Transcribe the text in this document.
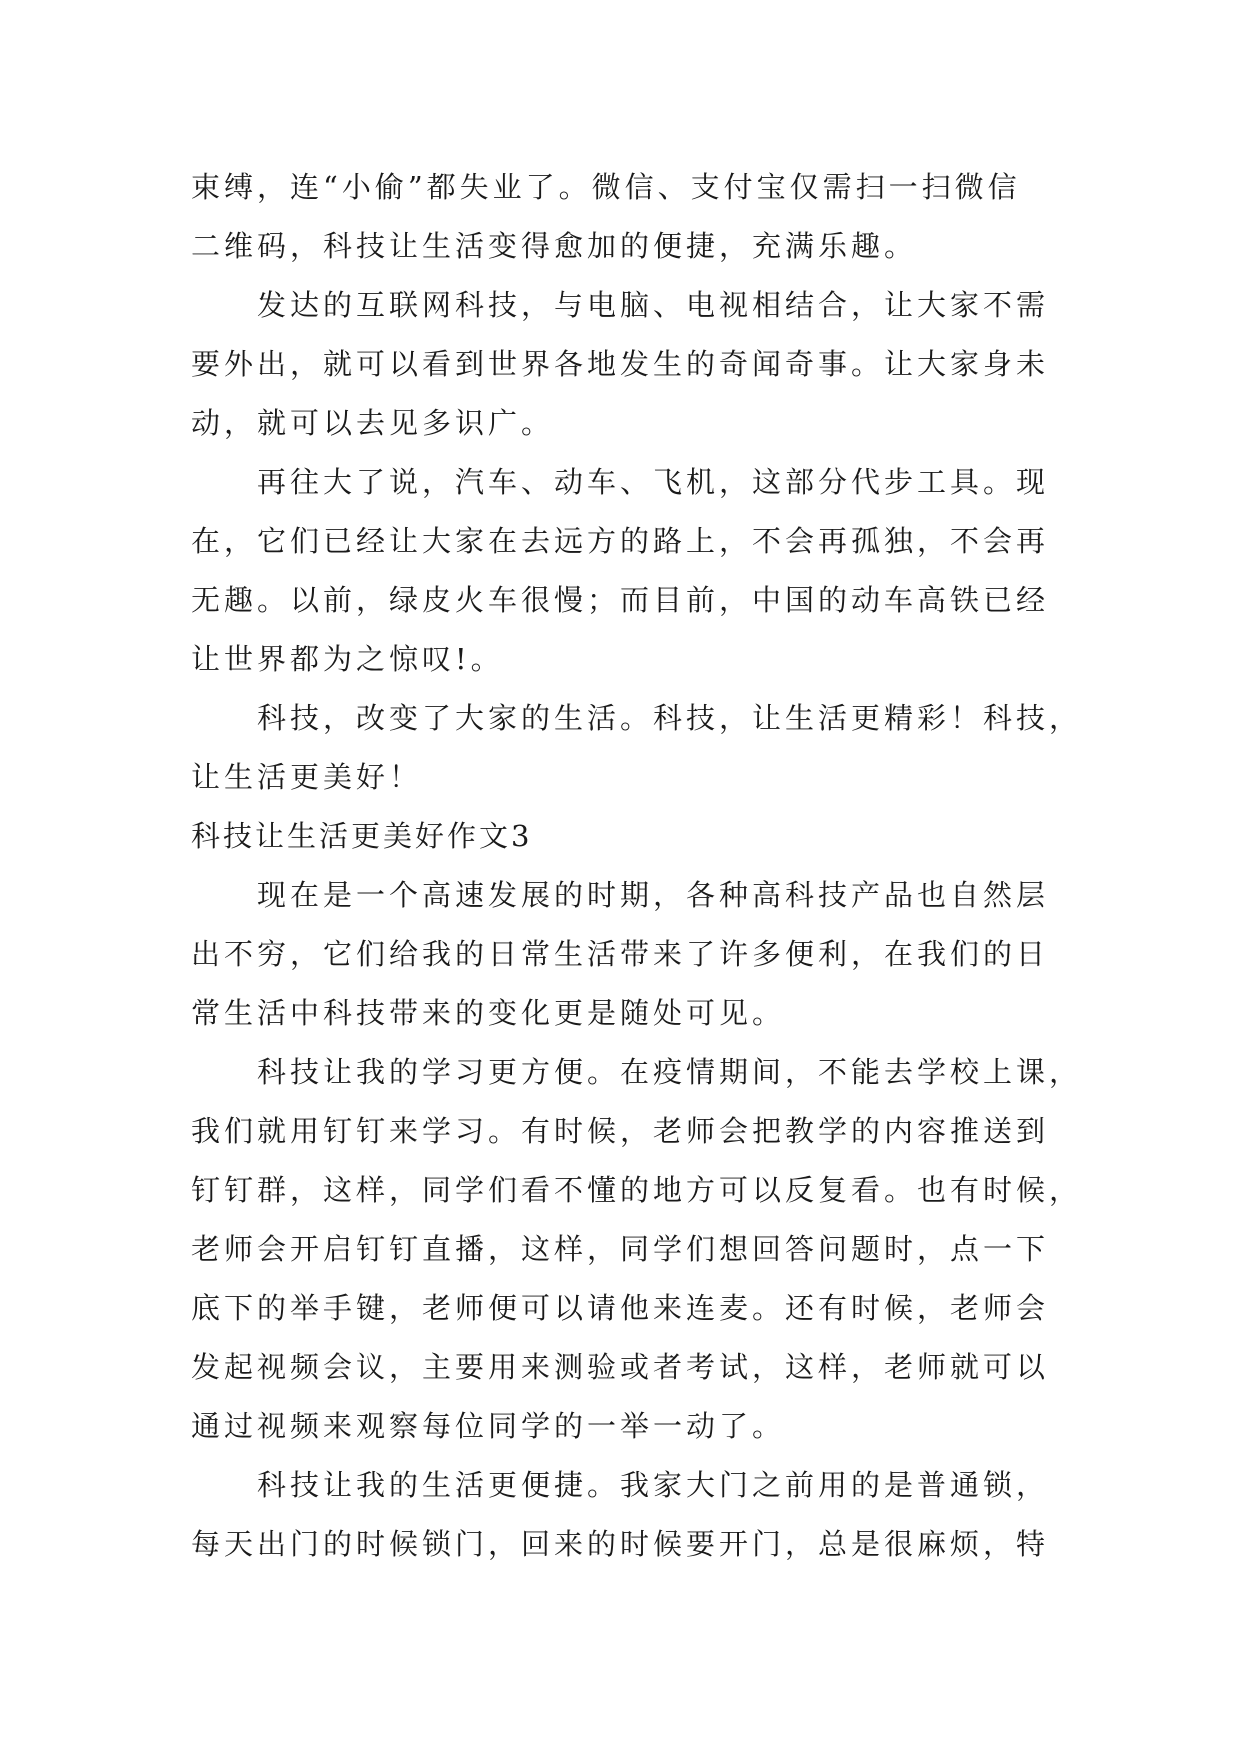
束缚，连“小偷”都失业了。微信、支付宝仅需扫一扫微信
二维码，科技让生活变得愈加的便捷，充满乐趣。
发达的互联网科技，与电脑、电视相结合，让大家不需
要外出，就可以看到世界各地发生的奇闻奇事。让大家身未
动，就可以去见多识广。
再往大了说，汽车、动车、飞机，这部分代步工具。现
在，它们已经让大家在去远方的路上，不会再孤独，不会再
无趣。以前，绿皮火车很慢；而目前，中国的动车高铁已经
让世界都为之惊叹!。
科技，改变了大家的生活。科技，让生活更精彩！科技，
让生活更美好！
科技让生活更美好作文3
现在是一个高速发展的时期，各种高科技产品也自然层
出不穷，它们给我的日常生活带来了许多便利，在我们的日
常生活中科技带来的变化更是随处可见。
科技让我的学习更方便。在疫情期间，不能去学校上课，
我们就用钉钉来学习。有时候，老师会把教学的内容推送到
钉钉群，这样，同学们看不懂的地方可以反复看。也有时候，
老师会开启钉钉直播，这样，同学们想回答问题时，点一下
底下的举手键，老师便可以请他来连麦。还有时候，老师会
发起视频会议，主要用来测验或者考试，这样，老师就可以
通过视频来观察每位同学的一举一动了。
科技让我的生活更便捷。我家大门之前用的是普通锁，
每天出门的时候锁门，回来的时候要开门，总是很麻烦，特
